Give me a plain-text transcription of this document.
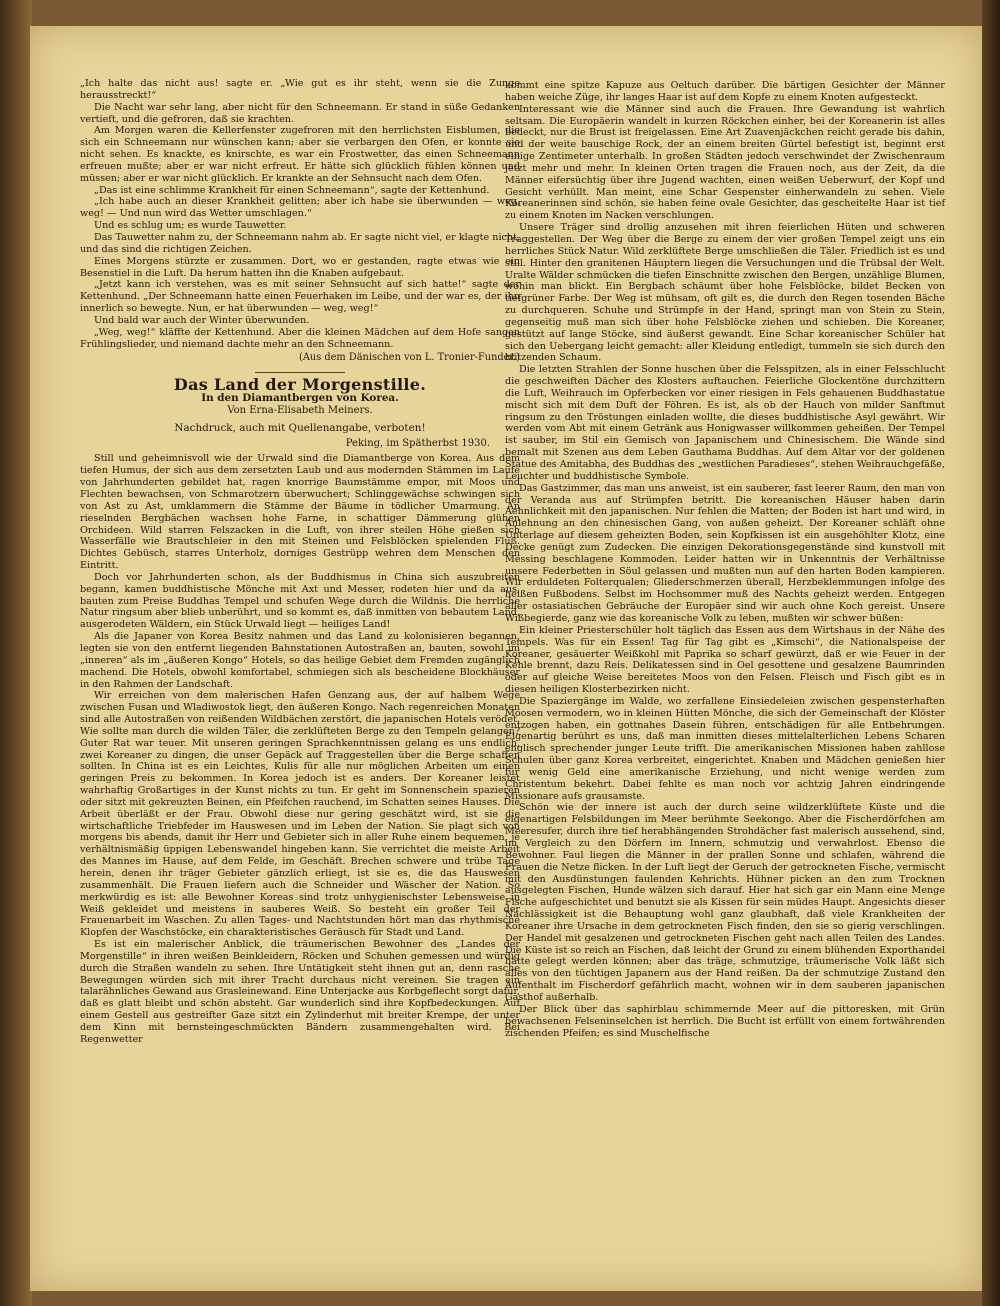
„Ich halte das nicht aus! sagte er. „Wie gut es ihr steht, wenn sie die Zunge herausstreckt!“

Die Nacht war sehr lang, aber nicht für den Schneemann. Er stand in süße Gedanken vertieft, und die gefroren, daß sie krachten.

Am Morgen waren die Kellerfenster zugefroren mit den herrlichsten Eisblumen, die sich ein Schneemann nur wünschen kann; aber sie verbargen den Ofen, er konnte sie nicht sehen. Es knackte, es knirschte, es war ein Frostwetter, das einen Schneemann erfreuen mußte; aber er war nicht erfreut. Er hätte sich glücklich fühlen können und müssen; aber er war nicht glücklich. Er krankte an der Sehnsucht nach dem Ofen.

„Das ist eine schlimme Krankheit für einen Schneemann“, sagte der Kettenhund.

„Ich habe auch an dieser Krankheit gelitten; aber ich habe sie überwunden — weg, weg! — Und nun wird das Wetter umschlagen.“

Und es schlug um; es wurde Tauwetter.

Das Tauwetter nahm zu, der Schneemann nahm ab. Er sagte nicht viel, er klagte nicht, und das sind die richtigen Zeichen.

Eines Morgens stürzte er zusammen. Dort, wo er gestanden, ragte etwas wie ein Besenstiel in die Luft. Da herum hatten ihn die Knaben aufgebaut.

„Jetzt kann ich verstehen, was es mit seiner Sehnsucht auf sich hatte!“ sagte der Kettenhund. „Der Schneemann hatte einen Feuerhaken im Leibe, und der war es, der ihn innerlich so bewegte. Nun, er hat überwunden — weg, weg!“

Und bald war auch der Winter überwunden.

„Weg, weg!“ kläffte der Kettenhund. Aber die kleinen Mädchen auf dem Hofe sangen Frühlingslieder, und niemand dachte mehr an den Schneemann.

(Aus dem Dänischen von L. Tronier-Funder.)
Das Land der Morgenstille.
In den Diamantbergen von Korea.
Von Erna-Elisabeth Meiners.
Nachdruck, auch mit Quellenangabe, verboten!
Peking, im Spätherbst 1930.

Still und geheimnisvoll wie der Urwald sind die Diamantberge von Korea. Aus dem tiefen Humus, der sich aus dem zersetzten Laub und aus modernden Stämmen im Laufe von Jahrhunderten gebildet hat, ragen knorrige Baumstämme empor, mit Moos und Flechten bewachsen, von Schmarotzern überwuchert; Schlinggewächse schwingen sich von Ast zu Ast, umklammern die Stämme der Bäume in tödlicher Umarmung. An rieselnden Bergbächen wachsen hohe Farne, in schattiger Dämmerung glühen Orchideen. Wild starren Felszacken in die Luft, von ihrer steilen Höhe gießen sich Wasserfälle wie Brautschleier in den mit Steinen und Felsblöcken spielenden Fluß. Dichtes Gebüsch, starres Unterholz, dorniges Gestrüpp wehren dem Menschen den Eintritt.

Doch vor Jahrhunderten schon, als der Buddhismus in China sich auszubreiten begann, kamen buddhistische Mönche mit Axt und Messer, rodeten hier und da aus, bauten zum Preise Buddhas Tempel und schufen Wege durch die Wildnis. Die herrliche Natur ringsum aber blieb unberührt, und so kommt es, daß inmitten von bebautem Land, ausgerodeten Wäldern, ein Stück Urwald liegt — heiliges Land!

Als die Japaner von Korea Besitz nahmen und das Land zu kolonisieren begannen, legten sie von den entfernt liegenden Bahnstationen Autostraßen an, bauten, sowohl im „inneren“ als im „äußeren Kongo“ Hotels, so das heilige Gebiet dem Fremden zugänglich machend. Die Hotels, obwohl komfortabel, schmiegen sich als bescheidene Blockhäuser in den Rahmen der Landschaft.

Wir erreichen von dem malerischen Hafen Genzang aus, der auf halbem Wege zwischen Fusan und Wladiwostok liegt, den äußeren Kongo. Nach regenreichen Monaten sind alle Autostraßen von reißenden Wildbächen zerstört, die japanischen Hotels verödet. Wie sollte man durch die wilden Täler, die zerklüfteten Berge zu den Tempeln gelangen? Guter Rat war teuer. Mit unseren geringen Sprachkenntnissen gelang es uns endlich, zwei Koreaner zu dingen, die unser Gepäck auf Traggestellen über die Berge schaffen sollten. In China ist es ein Leichtes, Kulis für alle nur möglichen Arbeiten um einen geringen Preis zu bekommen. In Korea jedoch ist es anders. Der Koreaner leistet wahrhaftig Großartiges in der Kunst nichts zu tun. Er geht im Sonnenschein spazieren oder sitzt mit gekreuzten Beinen, ein Pfeifchen rauchend, im Schatten seines Hauses. Die Arbeit überläßt er der Frau. Obwohl diese nur gering geschätzt wird, ist sie die wirtschaftliche Triebfeder im Hauswesen und im Leben der Nation. Sie plagt sich von morgens bis abends, damit ihr Herr und Gebieter sich in aller Ruhe einem bequemen, je verhältnismäßig üppigen Lebenswandel hingeben kann. Sie verrichtet die meiste Arbeit des Mannes im Hause, auf dem Felde, im Geschäft. Brechen schwere und trübe Tage herein, denen ihr träger Gebieter gänzlich erliegt, ist sie es, die das Hauswesen zusammenhält. Die Frauen liefern auch die Schneider und Wäscher der Nation. So merkwürdig es ist: alle Bewohner Koreas sind trotz unhygienischster Lebensweise in Weiß gekleidet und meistens in sauberes Weiß. So besteht ein großer Teil der Frauenarbeit im Waschen. Zu allen Tages- und Nachtstunden hört man das rhythmische Klopfen der Waschstöcke, ein charakteristisches Geräusch für Stadt und Land.

Es ist ein malerischer Anblick, die träumerischen Bewohner des „Landes der Morgenstille“ in ihren weißen Beinkleidern, Röcken und Schuhen gemessen und würdig durch die Straßen wandeln zu sehen. Ihre Untätigkeit steht ihnen gut an, denn rasche Bewegungen würden sich mit ihrer Tracht durchaus nicht vereinen. Sie tragen ein talarähnliches Gewand aus Grasleinewand. Eine Unterjacke aus Korbgeflecht sorgt dafür, daß es glatt bleibt und schön absteht. Gar wunderlich sind ihre Kopfbedeckungen. Auf einem Gestell aus gestreifter Gaze sitzt ein Zylinderhut mit breiter Krempe, der unter dem Kinn mit bernsteingeschmückten Bändern zusammengehalten wird. Bei Regenwetter

kommt eine spitze Kapuze aus Oeltuch darüber. Die bärtigen Gesichter der Männer haben weiche Züge, ihr langes Haar ist auf dem Kopfe zu einem Knoten aufgesteckt.

Interessant wie die Männer sind auch die Frauen. Ihre Gewandung ist wahrlich seltsam. Die Europäerin wandelt in kurzen Röckchen einher, bei der Koreanerin ist alles bedeckt, nur die Brust ist freigelassen. Eine Art Zuavenjäckchen reicht gerade bis dahin, und der weite bauschige Rock, der an einem breiten Gürtel befestigt ist, beginnt erst einige Zentimeter unterhalb. In großen Städten jedoch verschwindet der Zwischenraum jetzt mehr und mehr. In kleinen Orten tragen die Frauen noch, aus der Zeit, da die Männer eifersüchtig über ihre Jugend wachten, einen weißen Ueberwurf, der Kopf und Gesicht verhüllt. Man meint, eine Schar Gespenster einherwandeln zu sehen. Viele Koreanerinnen sind schön, sie haben feine ovale Gesichter, das gescheitelte Haar ist tief zu einem Knoten im Nacken verschlungen.

Unsere Träger sind drollig anzusehen mit ihren feierlichen Hüten und schweren Traggestellen. Der Weg über die Berge zu einem der vier großen Tempel zeigt uns ein herrliches Stück Natur. Wild zerklüftete Berge umschließen die Täler. Friedlich ist es und still. Hinter den granitenen Häuptern liegen die Versuchungen und die Trübsal der Welt. Uralte Wälder schmücken die tiefen Einschnitte zwischen den Bergen, unzählige Blumen, wohin man blickt. Ein Bergbach schäumt über hohe Felsblöcke, bildet Becken von tiefgrüner Farbe. Der Weg ist mühsam, oft gilt es, die durch den Regen tosenden Bäche zu durchqueren. Schuhe und Strümpfe in der Hand, springt man von Stein zu Stein, gegenseitig muß man sich über hohe Felsblöcke ziehen und schieben. Die Koreaner, gestützt auf lange Stöcke, sind äußerst gewandt. Eine Schar koreanischer Schüler hat sich den Uebergang leicht gemacht: aller Kleidung entledigt, tummeln sie sich durch den blitzenden Schaum.

Die letzten Strahlen der Sonne huschen über die Felsspitzen, als in einer Felsschlucht die geschweiften Dächer des Klosters auftauchen. Feierliche Glockentöne durchzittern die Luft, Weihrauch im Opferbecken vor einer riesigen in Fels gehauenen Buddhastatue mischt sich mit dem Duft der Föhren. Es ist, als ob der Hauch von milder Sanftmut ringsum zu den Tröstungen einladen wollte, die dieses buddhistische Asyl gewährt. Wir werden vom Abt mit einem Getränk aus Honigwasser willkommen geheißen. Der Tempel ist sauber, im Stil ein Gemisch von Japanischem und Chinesischem. Die Wände sind bemalt mit Szenen aus dem Leben Gauthama Buddhas. Auf dem Altar vor der goldenen Statue des Amitabha, des Buddhas des „westlichen Paradieses“, stehen Weihrauchgefäße, Leuchter und buddhistische Symbole.

Das Gastzimmer, das man uns anweist, ist ein sauberer, fast leerer Raum, den man von der Veranda aus auf Strümpfen betritt. Die koreanischen Häuser haben darin Aehnlichkeit mit den japanischen. Nur fehlen die Matten; der Boden ist hart und wird, in Anlehnung an den chinesischen Gang, von außen geheizt. Der Koreaner schläft ohne Unterlage auf diesem geheizten Boden, sein Kopfkissen ist ein ausgehöhlter Klotz, eine Decke genügt zum Zudecken. Die einzigen Dekorationsgegenstände sind kunstvoll mit Messing beschlagene Kommoden. Leider hatten wir in Unkenntnis der Verhältnisse unsere Federbetten in Söul gelassen und mußten nun auf den harten Boden kampieren. Wir erduldeten Folterqualen; Gliederschmerzen überall, Herzbeklemmungen infolge des heißen Fußbodens. Selbst im Hochsommer muß des Nachts geheizt werden. Entgegen aller ostasiatischen Gebräuche der Europäer sind wir auch ohne Koch gereist. Unsere Wißbegierde, ganz wie das koreanische Volk zu leben, mußten wir schwer büßen:

Ein kleiner Priesterschüler holt täglich das Essen aus dem Wirtshaus in der Nähe des Tempels. Was für ein Essen! Tag für Tag gibt es „Kimschi“, die Nationalspeise der Koreaner, gesäuerter Weißkohl mit Paprika so scharf gewürzt, daß er wie Feuer in der Kehle brennt, dazu Reis. Delikatessen sind in Oel gesottene und gesalzene Baumrinden oder auf gleiche Weise bereitetes Moos von den Felsen. Fleisch und Fisch gibt es in diesen heiligen Klosterbezirken nicht.

Die Spaziergänge im Walde, wo zerfallene Einsiedeleien zwischen gespensterhaften Moosen vermodern, wo in kleinen Hütten Mönche, die sich der Gemeinschaft der Klöster entzogen haben, ein gottnahes Dasein führen, entschädigen für alle Entbehrungen. Eigenartig berührt es uns, daß man inmitten dieses mittelalterlichen Lebens Scharen englisch sprechender junger Leute trifft. Die amerikanischen Missionen haben zahllose Schulen über ganz Korea verbreitet, eingerichtet. Knaben und Mädchen genießen hier für wenig Geld eine amerikanische Erziehung, und nicht wenige werden zum Christentum bekehrt. Dabei fehlte es man noch vor achtzig Jahren eindringende Missionare aufs grausamste.

Schön wie der innere ist auch der durch seine wildzerklüftete Küste und die eigenartigen Felsbildungen im Meer berühmte Seekongo. Aber die Fischerdörfchen am Meeresufer, durch ihre tief herabhängenden Strohdächer fast malerisch aussehend, sind, im Vergleich zu den Dörfern im Innern, schmutzig und verwahrlost. Ebenso die Bewohner. Faul liegen die Männer in der prallen Sonne und schlafen, während die Frauen die Netze flicken. In der Luft liegt der Geruch der getrockneten Fische, vermischt mit den Ausdünstungen faulenden Kehrichts. Hühner picken an den zum Trocknen ausgelegten Fischen, Hunde wälzen sich darauf. Hier hat sich gar ein Mann eine Menge Fische aufgeschichtet und benutzt sie als Kissen für sein müdes Haupt. Angesichts dieser Nachlässigkeit ist die Behauptung wohl ganz glaubhaft, daß viele Krankheiten der Koreaner ihre Ursache in dem getrockneten Fisch finden, den sie so gierig verschlingen. Der Handel mit gesalzenen und getrockneten Fischen geht nach allen Teilen des Landes. Die Küste ist so reich an Fischen, daß leicht der Grund zu einem blühenden Exporthandel hätte gelegt werden können; aber das träge, schmutzige, träumerische Volk läßt sich alles von den tüchtigen Japanern aus der Hand reißen. Da der schmutzige Zustand den Aufenthalt im Fischerdorf gefährlich macht, wohnen wir in dem sauberen japanischen Gasthof außerhalb.

Der Blick über das saphirblau schimmernde Meer auf die pittoresken, mit Grün bewachsenen Felseninselchen ist herrlich. Die Bucht ist erfüllt von einem fortwährenden zischenden Pfeifen; es sind Muschelfische
